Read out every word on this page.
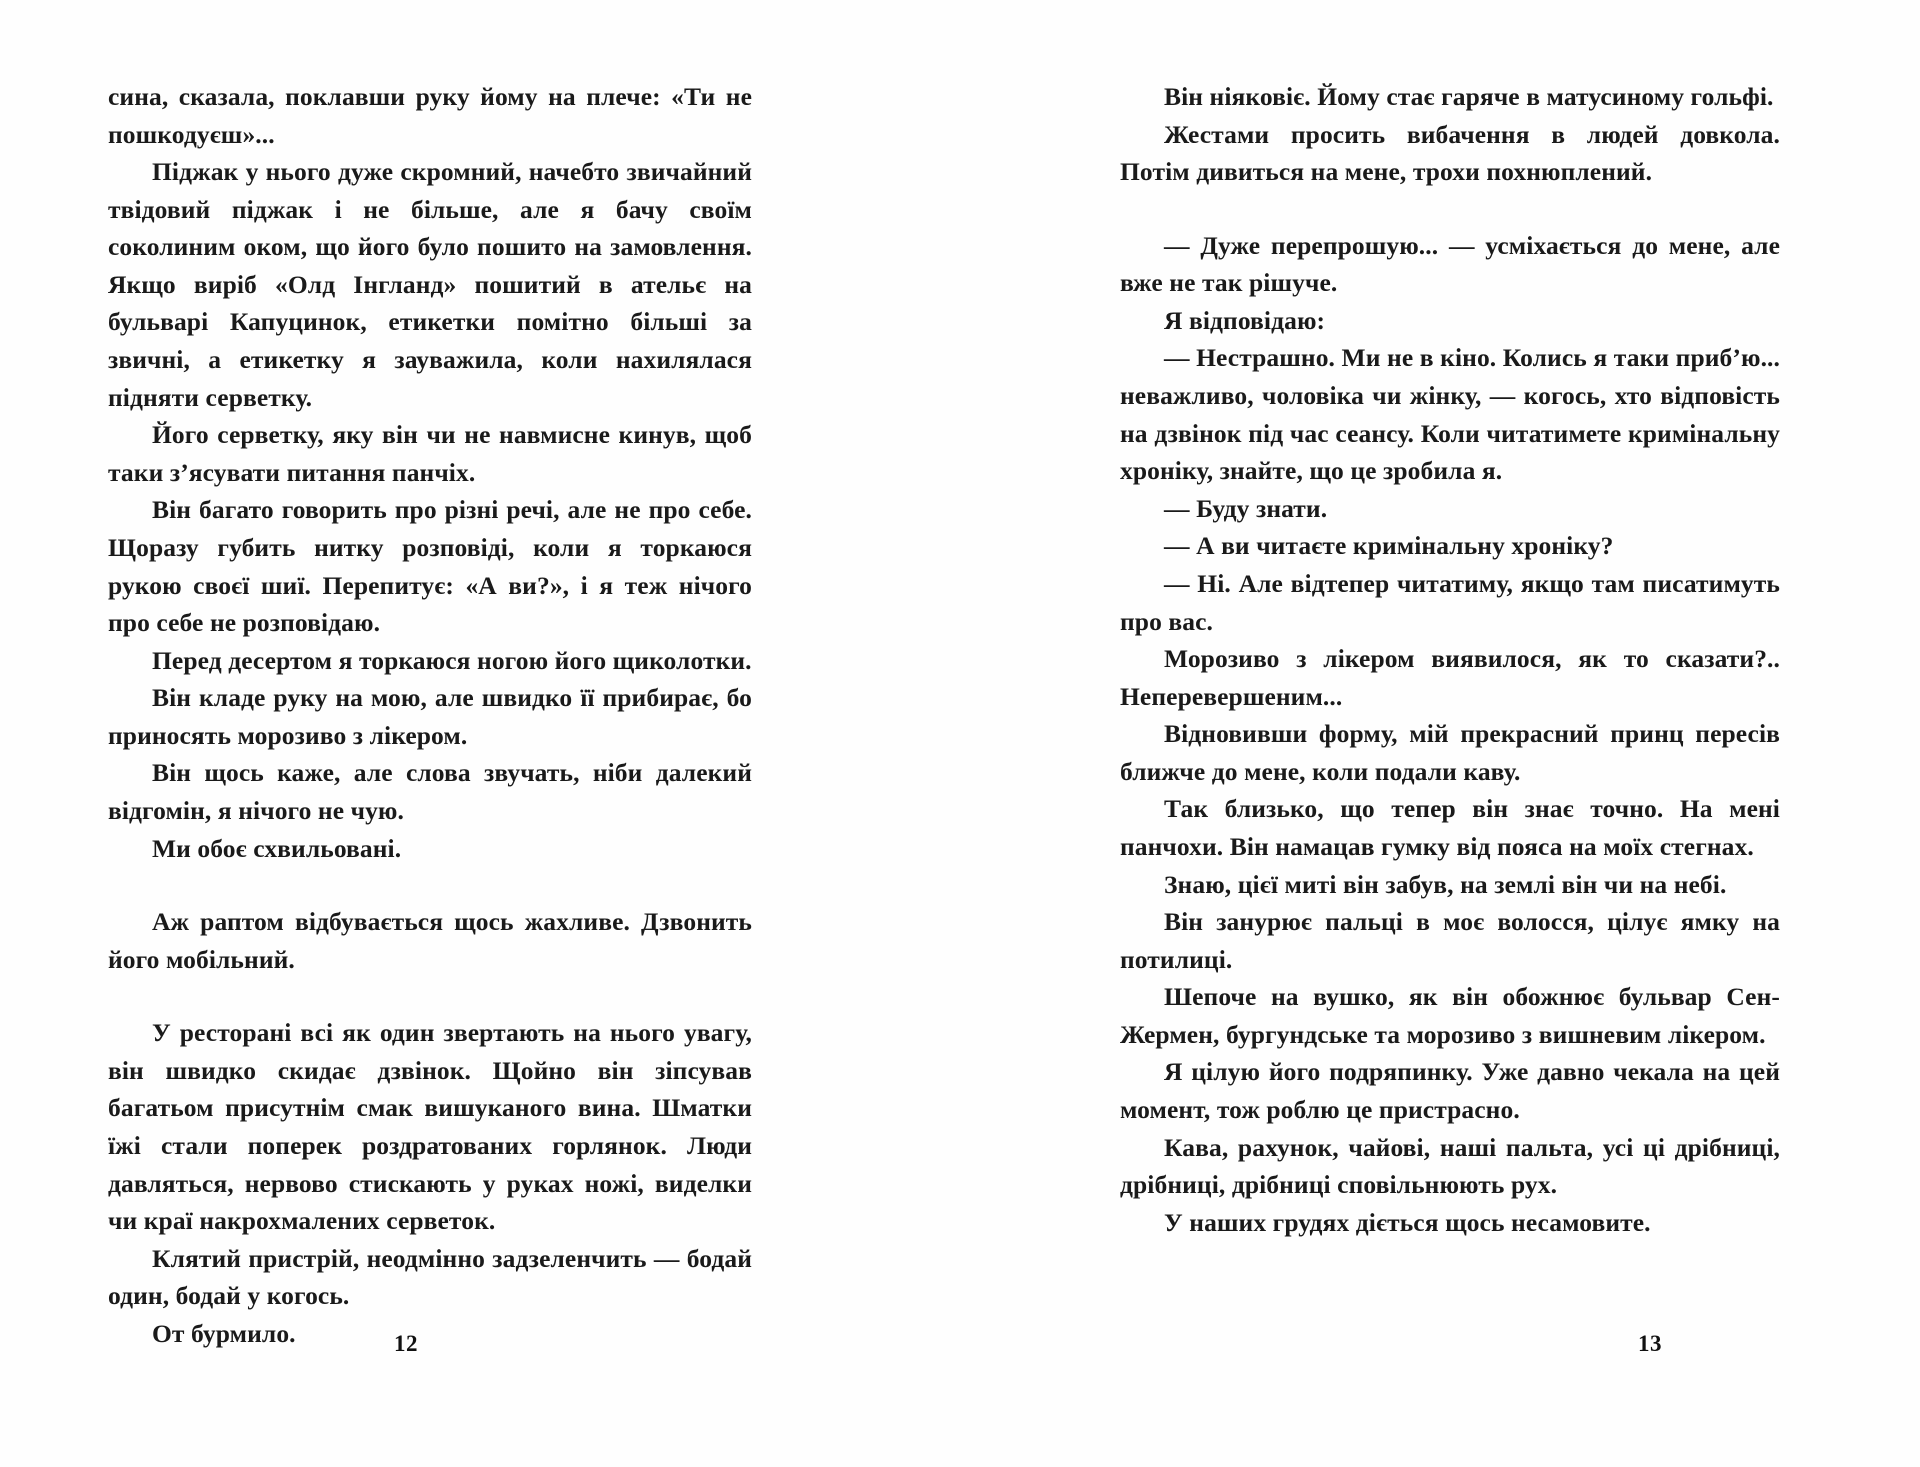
сина, сказала, поклавши руку йому на плече: «Ти не пошкодуєш»...

Піджак у нього дуже скромний, начебто звичайний твідовий піджак і не більше, але я бачу своїм соколиним оком, що його було пошито на замовлення. Якщо виріб «Олд Інгланд» пошитий в ательє на бульварі Капуцинок, етикетки помітно більші за звичні, а етикетку я зауважила, коли нахилялася підняти серветку.

Його серветку, яку він чи не навмисне кинув, щоб таки з’ясувати питання панчіх.

Він багато говорить про різні речі, але не про себе. Щоразу губить нитку розповіді, коли я торкаюся рукою своєї шиї. Перепитує: «А ви?», і я теж нічого про себе не розповідаю.

Перед десертом я торкаюся ногою його щиколотки.

Він кладе руку на мою, але швидко її прибирає, бо приносять морозиво з лікером.

Він щось каже, але слова звучать, ніби далекий відгомін, я нічого не чую.

Ми обоє схвильовані.

Аж раптом відбувається щось жахливе. Дзвонить його мобільний.

У ресторані всі як один звертають на нього увагу, він швидко скидає дзвінок. Щойно він зіпсував багатьом присутнім смак вишуканого вина. Шматки їжі стали поперек роздратованих горлянок. Люди давляться, нервово стискають у руках ножі, виделки чи краї накрохмалених серветок.

Клятий пристрій, неодмінно задзеленчить — бодай один, бодай у когось.

От бурмило.	12

Він ніяковіє. Йому стає гаряче в матусиному гольфі.

Жестами просить вибачення в людей довкола. Потім дивиться на мене, трохи похнюплений.

— Дуже перепрошую... — усміхається до мене, але вже не так рішуче.

Я відповідаю:

— Нестрашно. Ми не в кіно. Колись я таки приб’ю... неважливо, чоловіка чи жінку, — когось, хто відповість на дзвінок під час сеансу. Коли читатимете кримінальну хроніку, знайте, що це зробила я.

— Буду знати.

— А ви читаєте кримінальну хроніку?

— Ні. Але відтепер читатиму, якщо там писатимуть про вас.

Морозиво з лікером виявилося, як то сказати?.. Неперевершеним...

Відновивши форму, мій прекрасний принц пересів ближче до мене, коли подали каву.

Так близько, що тепер він знає точно. На мені панчохи. Він намацав гумку від пояса на моїх стегнах.

Знаю, цієї миті він забув, на землі він чи на небі.

Він занурює пальці в моє волосся, цілує ямку на потилиці.

Шепоче на вушко, як він обожнює бульвар Сен-Жермен, бургундське та морозиво з вишневим лікером.

Я цілую його подряпинку. Уже давно чекала на цей момент, тож роблю це пристрасно.

Кава, рахунок, чайові, наші пальта, усі ці дрібниці, дрібниці, дрібниці сповільнюють рух.

У наших грудях діється щось несамовите.

13
